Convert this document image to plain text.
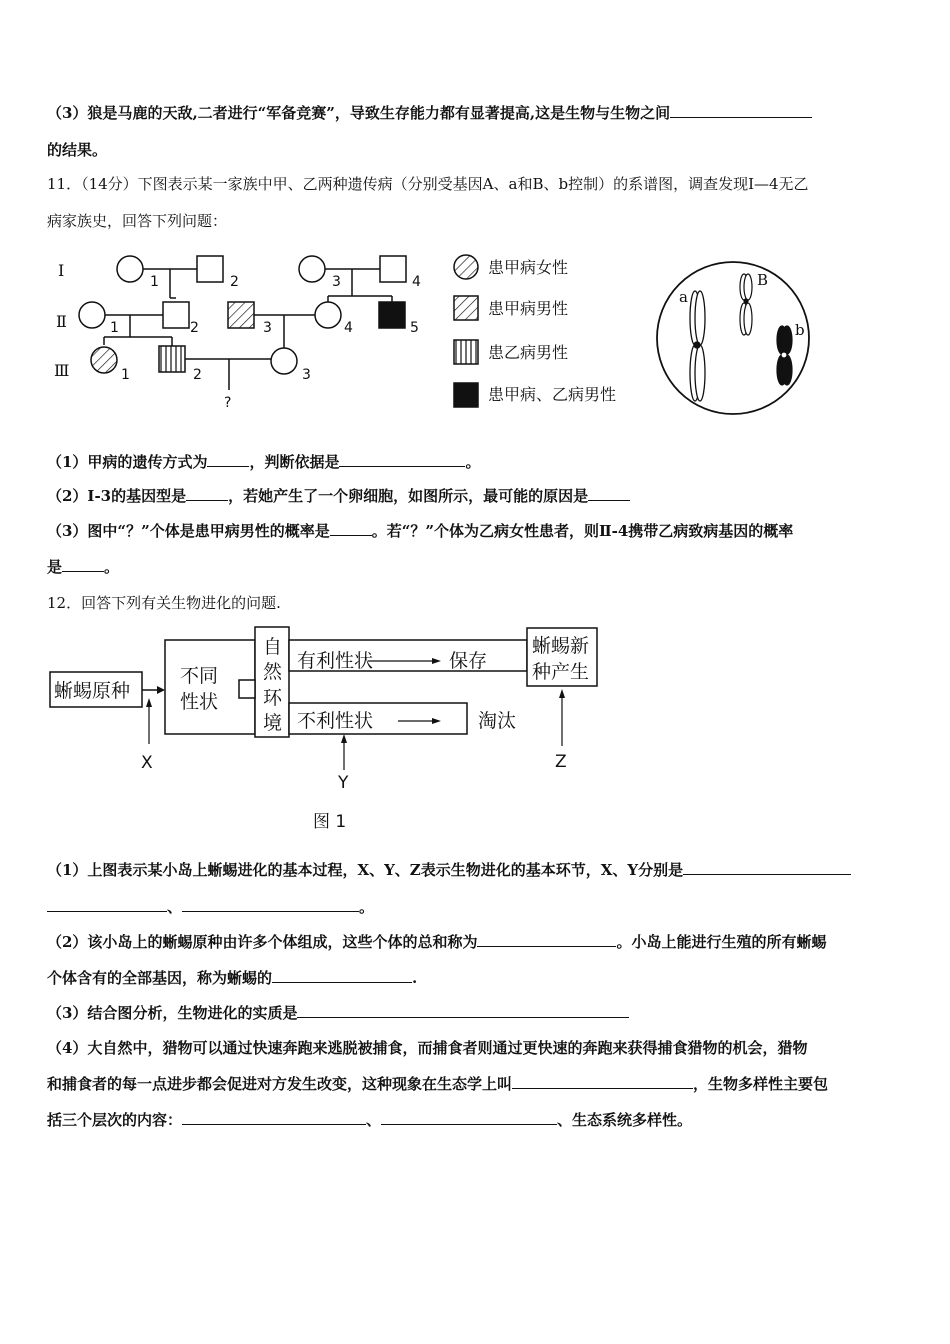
（3）狼是马鹿的天敌,二者进行“军备竞赛”，导致生存能力都有显著提高,这是生物与生物之间
的结果。
11．（14分）下图表示某一家族中甲、乙两种遗传病（分别受基因A、a和B、b控制）的系谱图，调查发现Ⅰ—4无乙
病家族史，回答下列问题：
Ⅰ
Ⅱ
Ⅲ
1	2	3	4
1	2	3	4	5
1	2	3
?
患甲病女性
患甲病男性
患乙病男性
患甲病、乙病男性
a
B
b
（1）甲病的遗传方式为	，判断依据是	。
（2）Ⅰ-3的基因型是	，若她产生了一个卵细胞，如图所示，最可能的原因是
（3）图中“？”个体是患甲病男性的概率是	。若“？”个体为乙病女性患者，则Ⅱ-4携带乙病致病基因的概率
是	。
12．回答下列有关生物进化的问题.
蜥蜴原种
不同
性状
自
然
环
境
有利性状	保存
不利性状	淘汰
蜥蜴新
种产生
X
Y
Z
图 1
（1）上图表示某小岛上蜥蜴进化的基本过程，X、Y、Z表示生物进化的基本环节，X、Y分别是
、	。
（2）该小岛上的蜥蜴原种由许多个体组成，这些个体的总和称为	。小岛上能进行生殖的所有蜥蜴
个体含有的全部基因，称为蜥蜴的	.
（3）结合图分析，生物进化的实质是
（4）大自然中，猎物可以通过快速奔跑来逃脱被捕食，而捕食者则通过更快速的奔跑来获得捕食猎物的机会，猎物
和捕食者的每一点进步都会促进对方发生改变，这种现象在生态学上叫	，生物多样性主要包
括三个层次的内容：	、	、生态系统多样性。
